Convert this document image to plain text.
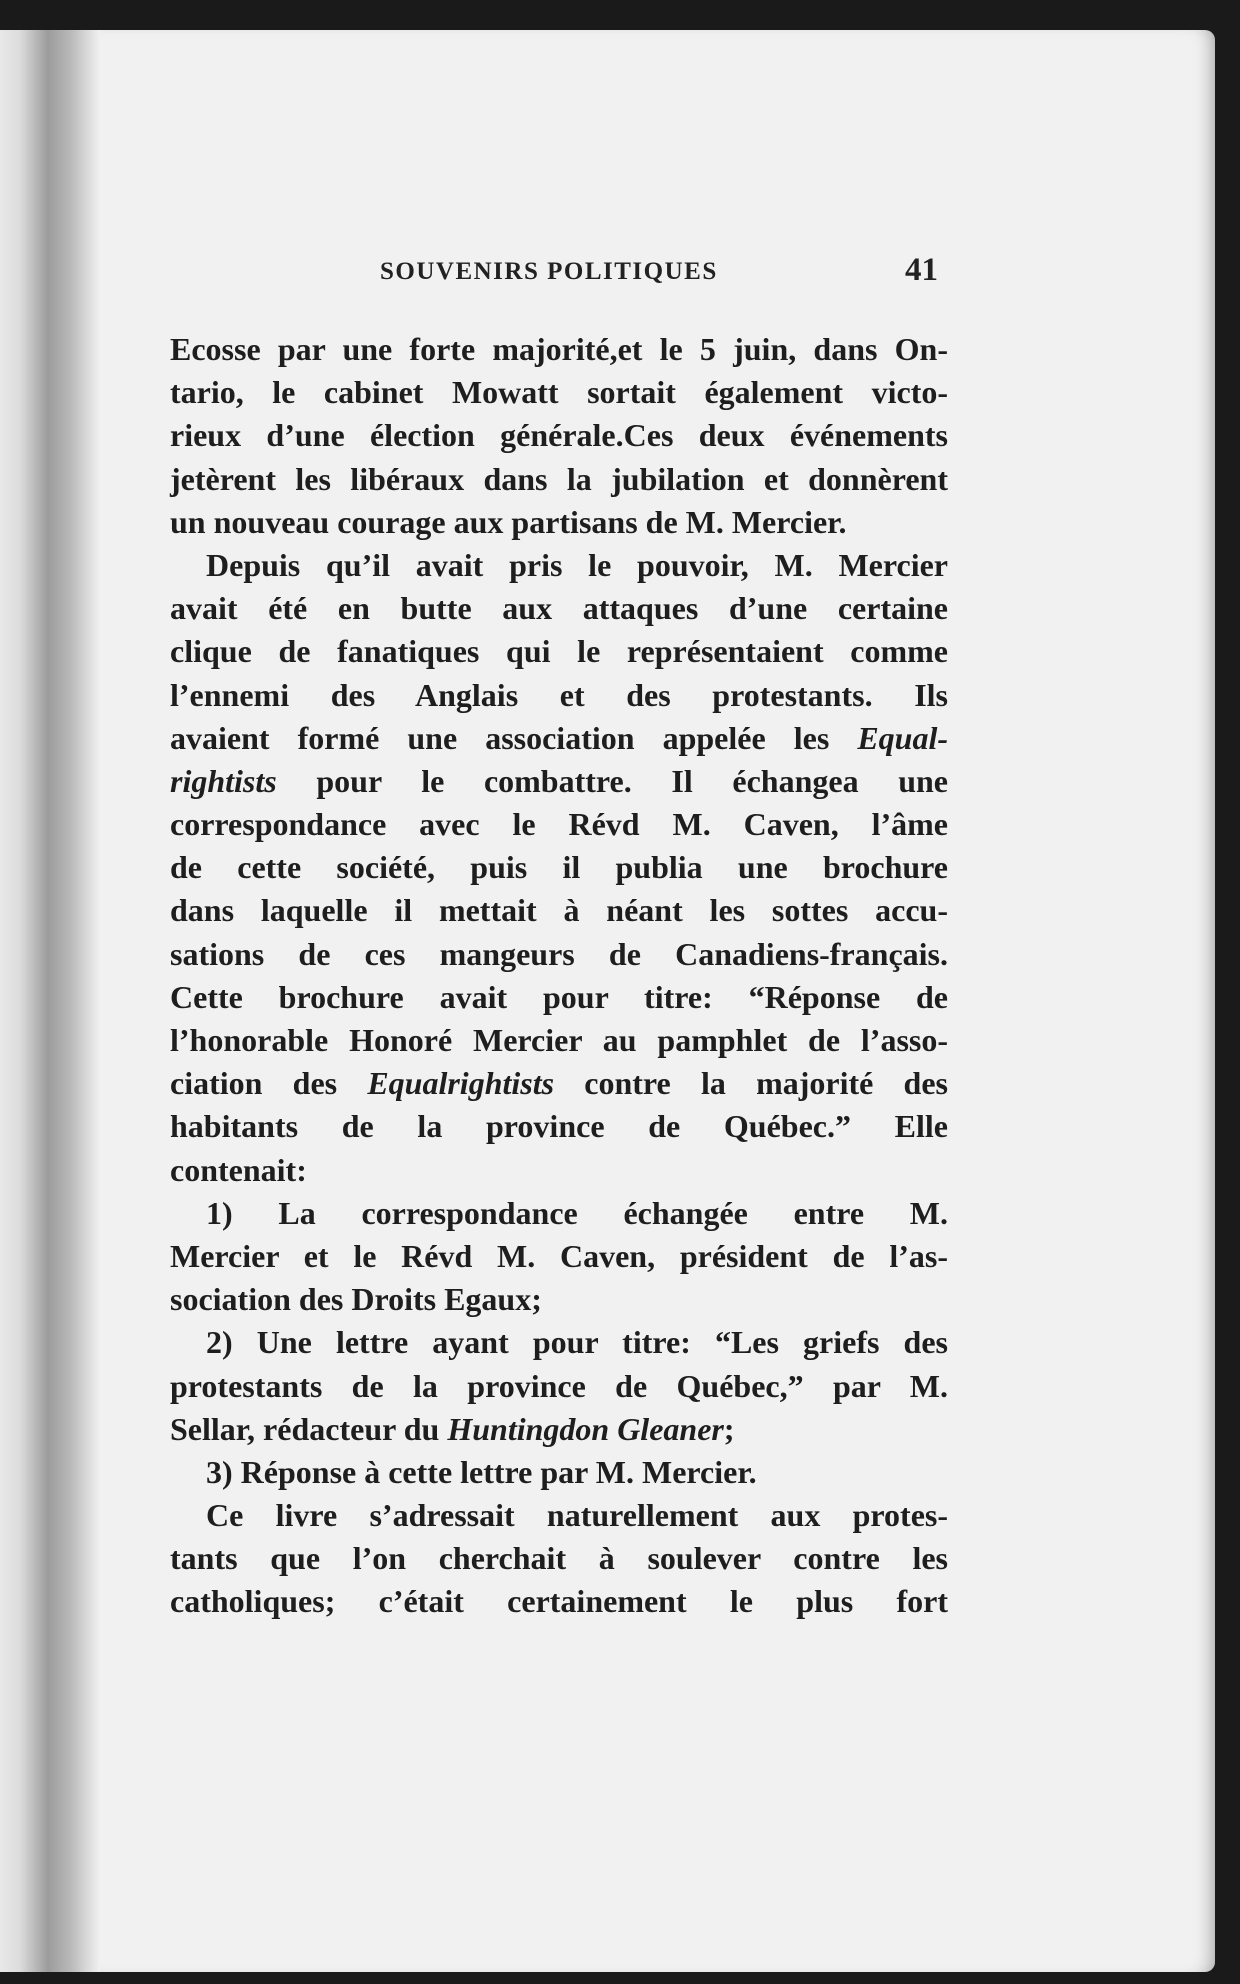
SOUVENIRS POLITIQUES	41
Ecosse par une forte majorité,et le 5 juin, dans On-
tario, le cabinet Mowatt sortait également victo-
rieux d’une élection générale.Ces deux événements
jetèrent les libéraux dans la jubilation et donnèrent
un nouveau courage aux partisans de M. Mercier.
Depuis qu’il avait pris le pouvoir, M. Mercier
avait été en butte aux attaques d’une certaine
clique de fanatiques qui le représentaient comme
l’ennemi des Anglais et des protestants. Ils
avaient formé une association appelée les Equal-
rightists pour le combattre. Il échangea une
correspondance avec le Révd M. Caven, l’âme
de cette société, puis il publia une brochure
dans laquelle il mettait à néant les sottes accu-
sations de ces mangeurs de Canadiens-français.
Cette brochure avait pour titre: “Réponse de
l’honorable Honoré Mercier au pamphlet de l’asso-
ciation des Equalrightists contre la majorité des
habitants de la province de Québec.” Elle
contenait:
1) La correspondance échangée entre M.
Mercier et le Révd M. Caven, président de l’as-
sociation des Droits Egaux;
2) Une lettre ayant pour titre: “Les griefs des
protestants de la province de Québec,” par M.
Sellar, rédacteur du Huntingdon Gleaner;
3) Réponse à cette lettre par M. Mercier.
Ce livre s’adressait naturellement aux protes-
tants que l’on cherchait à soulever contre les
catholiques; c’était certainement le plus fort
